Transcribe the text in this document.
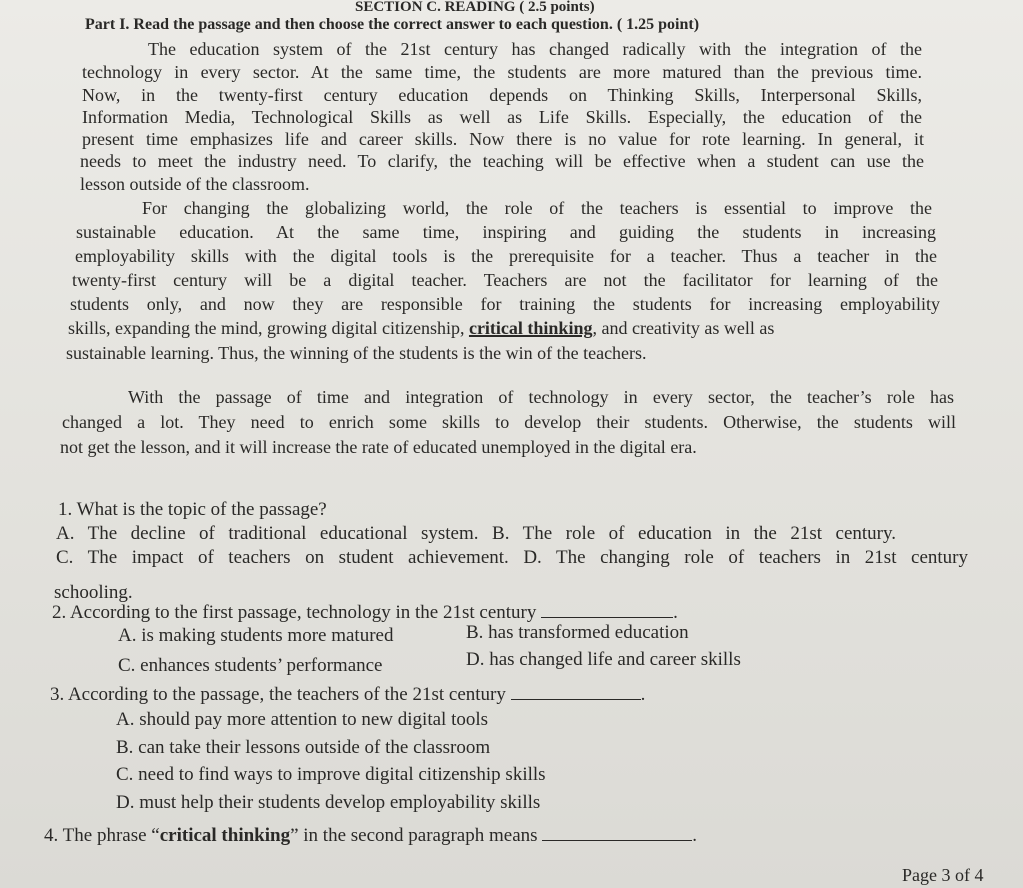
SECTION C. READING ( 2.5 points)
Part I. Read the passage and then choose the correct answer to each question. ( 1.25 point)
The education system of the 21st century has changed radically with the integration of the
technology in every sector. At the same time, the students are more matured than the previous time.
Now, in the twenty-first century education depends on Thinking Skills, Interpersonal Skills,
Information Media, Technological Skills as well as Life Skills. Especially, the education of the
present time emphasizes life and career skills. Now there is no value for rote learning. In general, it
needs to meet the industry need. To clarify, the teaching will be effective when a student can use the
lesson outside of the classroom.
For changing the globalizing world, the role of the teachers is essential to improve the
sustainable education. At the same time, inspiring and guiding the students in increasing
employability skills with the digital tools is the prerequisite for a teacher. Thus a teacher in the
twenty-first century will be a digital teacher. Teachers are not the facilitator for learning of the
students only, and now they are responsible for training the students for increasing employability
skills, expanding the mind, growing digital citizenship, critical thinking, and creativity as well as
sustainable learning. Thus, the winning of the students is the win of the teachers.
With the passage of time and integration of technology in every sector, the teacher’s role has
changed a lot. They need to enrich some skills to develop their students. Otherwise, the students will
not get the lesson, and it will increase the rate of educated unemployed in the digital era.
1. What is the topic of the passage?
A. The decline of traditional educational system. B. The role of education in the 21st century.
C. The impact of teachers on student achievement. D. The changing role of teachers in 21st century
schooling.
2. According to the first passage, technology in the 21st century	.
A. is making students more matured	B. has transformed education
C. enhances students’ performance	D. has changed life and career skills
3. According to the passage, the teachers of the 21st century	.
A. should pay more attention to new digital tools
B. can take their lessons outside of the classroom
C. need to find ways to improve digital citizenship skills
D. must help their students develop employability skills
4. The phrase “critical thinking” in the second paragraph means	.
Page 3 of 4
